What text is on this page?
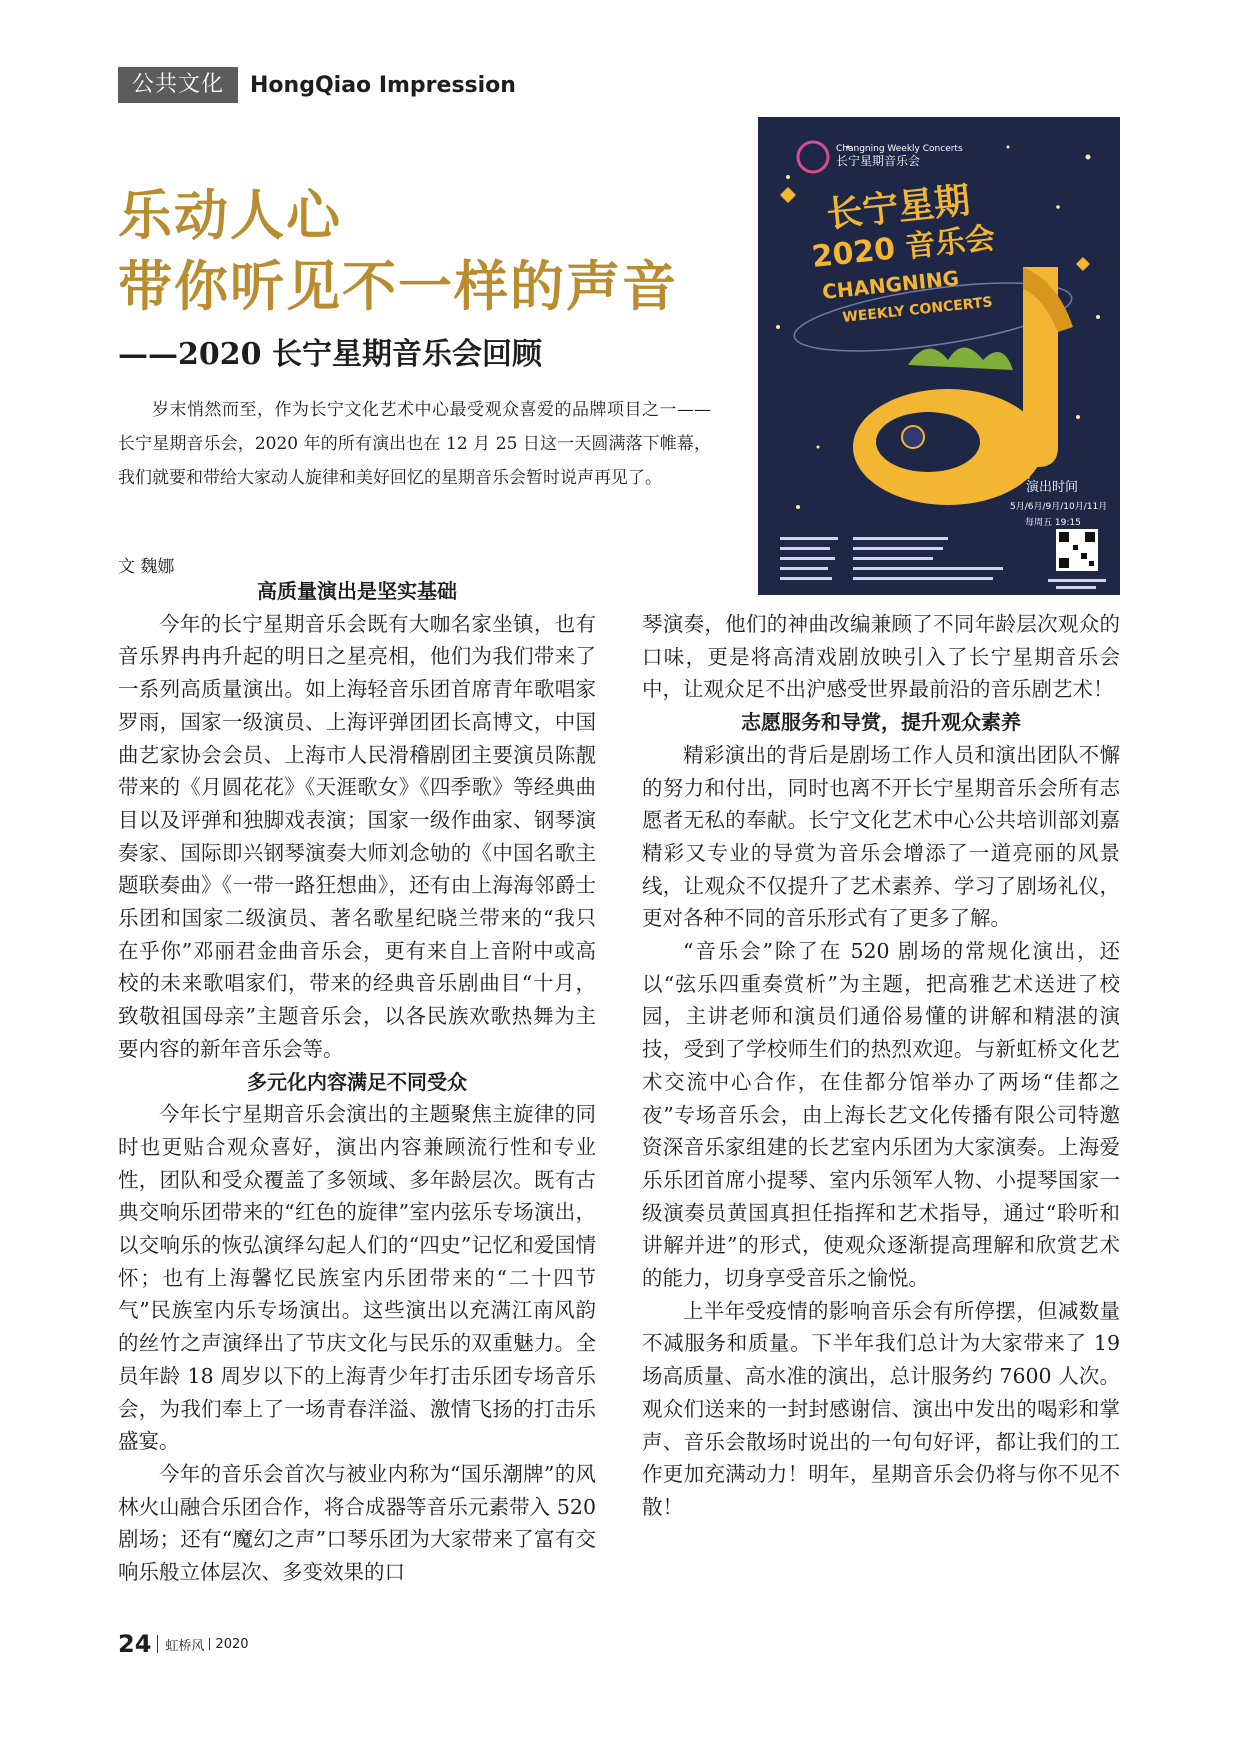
公共文化	HongQiao Impression
乐动人心
带你听见不一样的声音
——2020 长宁星期音乐会回顾

岁末悄然而至，作为长宁文化艺术中心最受观众喜爱的品牌项目之一——长宁星期音乐会，2020 年的所有演出也在 12 月 25 日这一天圆满落下帷幕，我们就要和带给大家动人旋律和美好回忆的星期音乐会暂时说声再见了。

文 魏娜
Changning Weekly Concerts
长宁星期音乐会
长宁星期
2020 音乐会
CHANGNING
WEEKLY CONCERTS
演出时间
5月/6月/9月/10月/11月
每周五 19:15
高质量演出是坚实基础

今年的长宁星期音乐会既有大咖名家坐镇，也有音乐界冉冉升起的明日之星亮相，他们为我们带来了一系列高质量演出。如上海轻音乐团首席青年歌唱家罗雨，国家一级演员、上海评弹团团长高博文，中国曲艺家协会会员、上海市人民滑稽剧团主要演员陈靓带来的《月圆花花》《天涯歌女》《四季歌》等经典曲目以及评弹和独脚戏表演；国家一级作曲家、钢琴演奏家、国际即兴钢琴演奏大师刘念劬的《中国名歌主题联奏曲》《一带一路狂想曲》，还有由上海海邻爵士乐团和国家二级演员、著名歌星纪晓兰带来的“我只在乎你”邓丽君金曲音乐会，更有来自上音附中或高校的未来歌唱家们，带来的经典音乐剧曲目“十月，致敬祖国母亲”主题音乐会，以各民族欢歌热舞为主要内容的新年音乐会等。

多元化内容满足不同受众

今年长宁星期音乐会演出的主题聚焦主旋律的同时也更贴合观众喜好，演出内容兼顾流行性和专业性，团队和受众覆盖了多领域、多年龄层次。既有古典交响乐团带来的“红色的旋律”室内弦乐专场演出，以交响乐的恢弘演绎勾起人们的“四史”记忆和爱国情怀；也有上海馨忆民族室内乐团带来的“二十四节气”民族室内乐专场演出。这些演出以充满江南风韵的丝竹之声演绎出了节庆文化与民乐的双重魅力。全员年龄 18 周岁以下的上海青少年打击乐团专场音乐会，为我们奉上了一场青春洋溢、激情飞扬的打击乐盛宴。

今年的音乐会首次与被业内称为“国乐潮牌”的风林火山融合乐团合作，将合成器等音乐元素带入 520 剧场；还有“魔幻之声”口琴乐团为大家带来了富有交响乐般立体层次、多变效果的口

琴演奏，他们的神曲改编兼顾了不同年龄层次观众的口味，更是将高清戏剧放映引入了长宁星期音乐会中，让观众足不出沪感受世界最前沿的音乐剧艺术！

志愿服务和导赏，提升观众素养

精彩演出的背后是剧场工作人员和演出团队不懈的努力和付出，同时也离不开长宁星期音乐会所有志愿者无私的奉献。长宁文化艺术中心公共培训部刘嘉精彩又专业的导赏为音乐会增添了一道亮丽的风景线，让观众不仅提升了艺术素养、学习了剧场礼仪，更对各种不同的音乐形式有了更多了解。

“音乐会”除了在 520 剧场的常规化演出，还以“弦乐四重奏赏析”为主题，把高雅艺术送进了校园，主讲老师和演员们通俗易懂的讲解和精湛的演技，受到了学校师生们的热烈欢迎。与新虹桥文化艺术交流中心合作，在佳都分馆举办了两场“佳都之夜”专场音乐会，由上海长艺文化传播有限公司特邀资深音乐家组建的长艺室内乐团为大家演奏。上海爱乐乐团首席小提琴、室内乐领军人物、小提琴国家一级演奏员黄国真担任指挥和艺术指导，通过“聆听和讲解并进”的形式，使观众逐渐提高理解和欣赏艺术的能力，切身享受音乐之愉悦。

上半年受疫情的影响音乐会有所停摆，但减数量不减服务和质量。下半年我们总计为大家带来了 19 场高质量、高水准的演出，总计服务约 7600 人次。观众们送来的一封封感谢信、演出中发出的喝彩和掌声、音乐会散场时说出的一句句好评，都让我们的工作更加充满动力！明年，星期音乐会仍将与你不见不散！

24 虹桥风 2020
